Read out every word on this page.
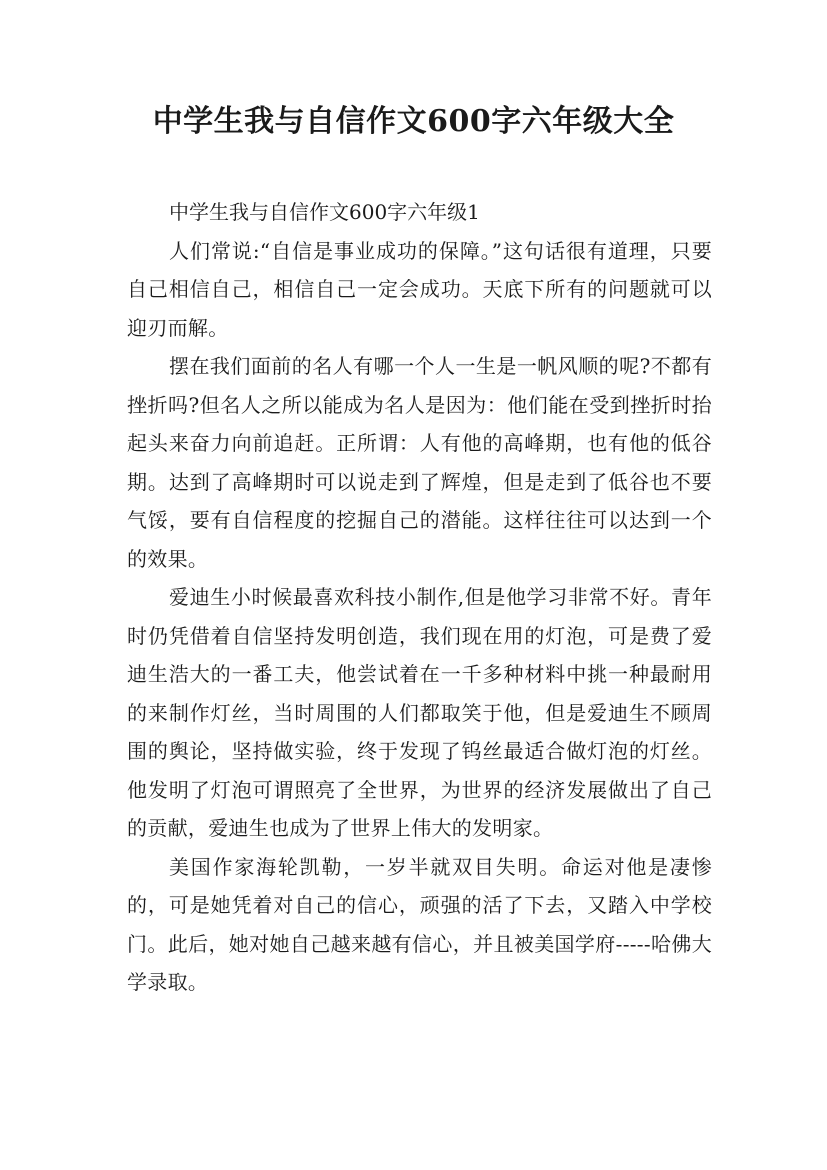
中学生我与自信作文600字六年级大全
中学生我与自信作文600字六年级1

人们常说:“自信是事业成功的保障。”这句话很有道理，只要自己相信自己，相信自己一定会成功。天底下所有的问题就可以迎刃而解。

摆在我们面前的名人有哪一个人一生是一帆风顺的呢?不都有挫折吗?但名人之所以能成为名人是因为：他们能在受到挫折时抬起头来奋力向前追赶。正所谓：人有他的高峰期，也有他的低谷期。达到了高峰期时可以说走到了辉煌，但是走到了低谷也不要气馁，要有自信程度的挖掘自己的潜能。这样往往可以达到一个的效果。

爱迪生小时候最喜欢科技小制作,但是他学习非常不好。青年时仍凭借着自信坚持发明创造，我们现在用的灯泡，可是费了爱迪生浩大的一番工夫，他尝试着在一千多种材料中挑一种最耐用的来制作灯丝，当时周围的人们都取笑于他，但是爱迪生不顾周围的舆论，坚持做实验，终于发现了钨丝最适合做灯泡的灯丝。他发明了灯泡可谓照亮了全世界，为世界的经济发展做出了自己的贡献，爱迪生也成为了世界上伟大的发明家。

美国作家海轮凯勒，一岁半就双目失明。命运对他是凄惨的，可是她凭着对自己的信心，顽强的活了下去，又踏入中学校门。此后，她对她自己越来越有信心，并且被美国学府-----哈佛大学录取。
